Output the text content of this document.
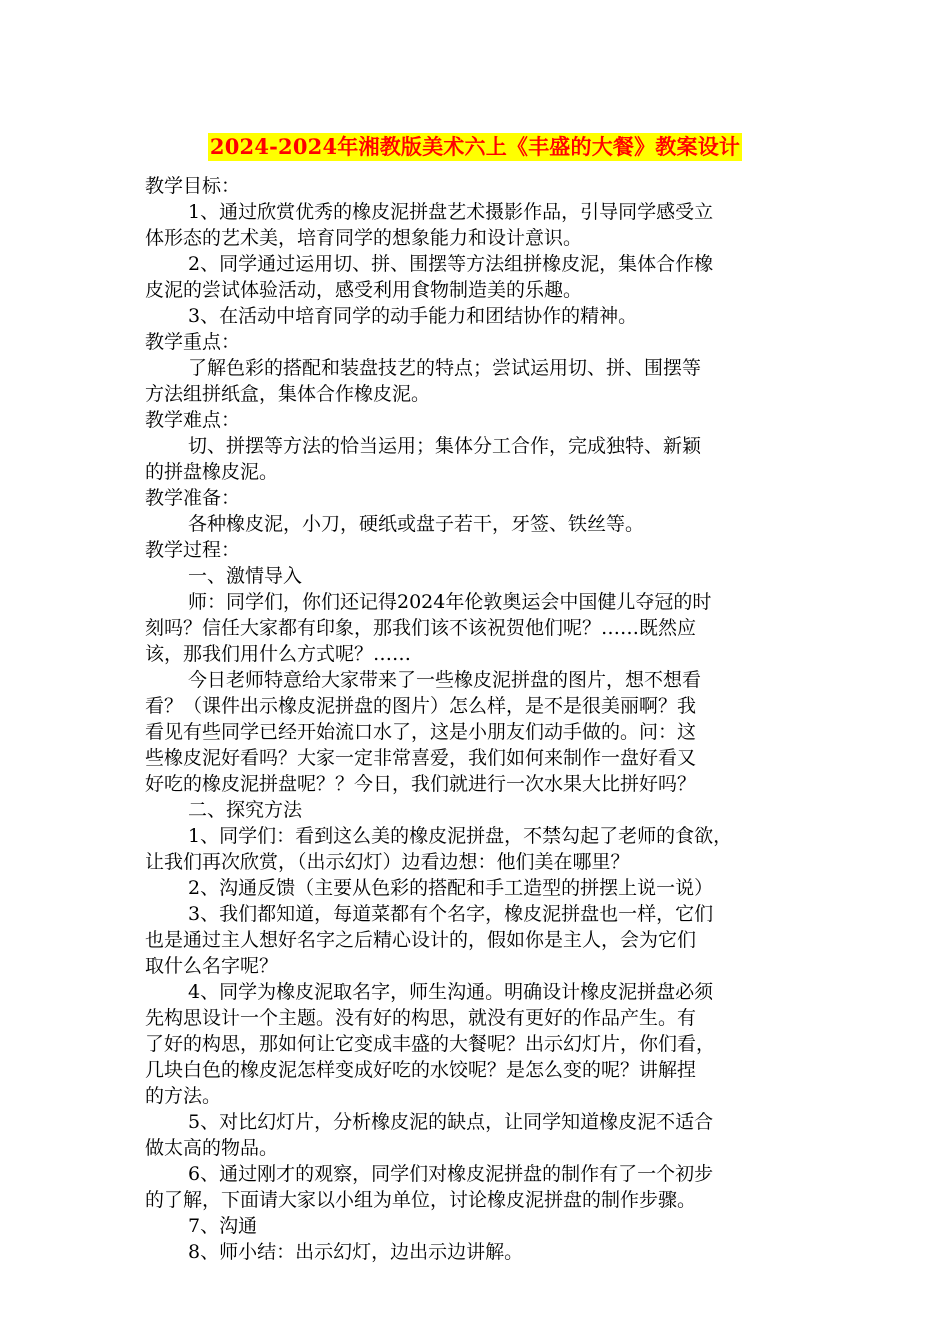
2024-2024年湘教版美术六上《丰盛的大餐》教案设计
教学目标：
1、通过欣赏优秀的橡皮泥拼盘艺术摄影作品，引导同学感受立
体形态的艺术美，培育同学的想象能力和设计意识。
2、同学通过运用切、拼、围摆等方法组拼橡皮泥，集体合作橡
皮泥的尝试体验活动，感受利用食物制造美的乐趣。
3、在活动中培育同学的动手能力和团结协作的精神。
教学重点：
了解色彩的搭配和装盘技艺的特点；尝试运用切、拼、围摆等
方法组拼纸盒，集体合作橡皮泥。
教学难点：
切、拼摆等方法的恰当运用；集体分工合作，完成独特、新颖
的拼盘橡皮泥。
教学准备：
各种橡皮泥，小刀，硬纸或盘子若干，牙签、铁丝等。
教学过程：
一、激情导入
师：同学们，你们还记得2024年伦敦奥运会中国健儿夺冠的时
刻吗？信任大家都有印象，那我们该不该祝贺他们呢？……既然应
该，那我们用什么方式呢？……
今日老师特意给大家带来了一些橡皮泥拼盘的图片，想不想看
看？（课件出示橡皮泥拼盘的图片）怎么样，是不是很美丽啊？我
看见有些同学已经开始流口水了，这是小朋友们动手做的。问：这
些橡皮泥好看吗？大家一定非常喜爱，我们如何来制作一盘好看又
好吃的橡皮泥拼盘呢？？今日，我们就进行一次水果大比拼好吗？
二、探究方法
1、同学们：看到这么美的橡皮泥拼盘，不禁勾起了老师的食欲，
让我们再次欣赏，（出示幻灯）边看边想：他们美在哪里？
2、沟通反馈（主要从色彩的搭配和手工造型的拼摆上说一说）
3、我们都知道，每道菜都有个名字，橡皮泥拼盘也一样，它们
也是通过主人想好名字之后精心设计的，假如你是主人，会为它们
取什么名字呢？
4、同学为橡皮泥取名字，师生沟通。明确设计橡皮泥拼盘必须
先构思设计一个主题。没有好的构思，就没有更好的作品产生。有
了好的构思，那如何让它变成丰盛的大餐呢？出示幻灯片，你们看，
几块白色的橡皮泥怎样变成好吃的水饺呢？是怎么变的呢？讲解捏
的方法。
5、对比幻灯片，分析橡皮泥的缺点，让同学知道橡皮泥不适合
做太高的物品。
6、通过刚才的观察，同学们对橡皮泥拼盘的制作有了一个初步
的了解，下面请大家以小组为单位，讨论橡皮泥拼盘的制作步骤。
7、沟通
8、师小结：出示幻灯，边出示边讲解。
